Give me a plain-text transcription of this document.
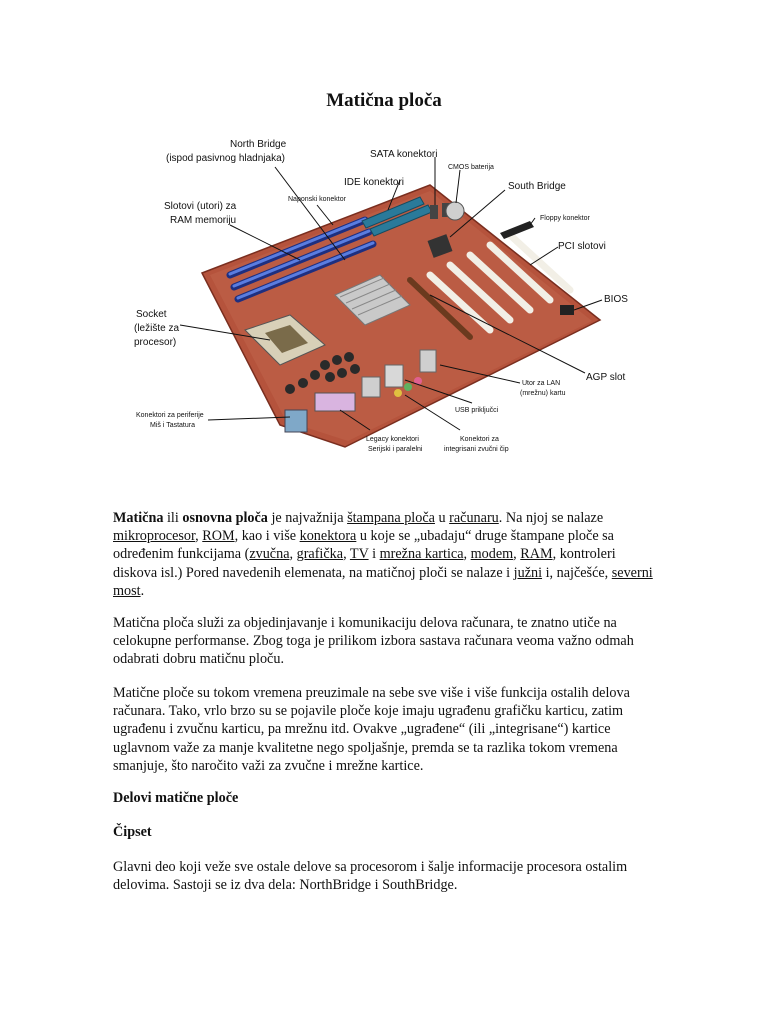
Matična ploča
North Bridge
(ispod pasivnog hladnjaka)	SATA konektori
CMOS baterija
IDE konektori	South Bridge
Naponski konektor
Slotovi (utori) za
RAM memoriju	Floppy konektor
PCI slotovi
BIOS
Socket
(ležište za
procesor)
AGP slot
Utor za LAN
(mrežnu) kartu
USB priključci
Konektori za periferije
Miš i Tastatura
Legacy konektori
Serijski i paralelni
Konektori za
integrisani zvučni čip

Matična ili osnovna ploča je najvažnija štampana ploča u računaru. Na njoj se nalaze mikroprocesor, ROM, kao i više konektora u koje se „ubadaju“ druge štampane ploče sa određenim funkcijama (zvučna, grafička, TV i mrežna kartica, modem, RAM, kontroleri diskova isl.) Pored navedenih elemenata, na matičnoj ploči se nalaze i južni i, najčešće, severni most.

Matična ploča služi za objedinjavanje i komunikaciju delova računara, te znatno utiče na celokupne performanse. Zbog toga je prilikom izbora sastava računara veoma važno odmah odabrati dobru matičnu ploču.

Matične ploče su tokom vremena preuzimale na sebe sve više i više funkcija ostalih delova računara. Tako, vrlo brzo su se pojavile ploče koje imaju ugrađenu grafičku karticu, zatim ugrađenu i zvučnu karticu, pa mrežnu itd. Ovakve „ugrađene“ (ili „integrisane“) kartice uglavnom važe za manje kvalitetne nego spoljašnje, premda se ta razlika tokom vremena smanjuje, što naročito važi za zvučne i mrežne kartice.

Delovi matične ploče
Čipset

Glavni deo koji veže sve ostale delove sa procesorom i šalje informacije procesora ostalim delovima. Sastoji se iz dva dela: NorthBridge i SouthBridge.
